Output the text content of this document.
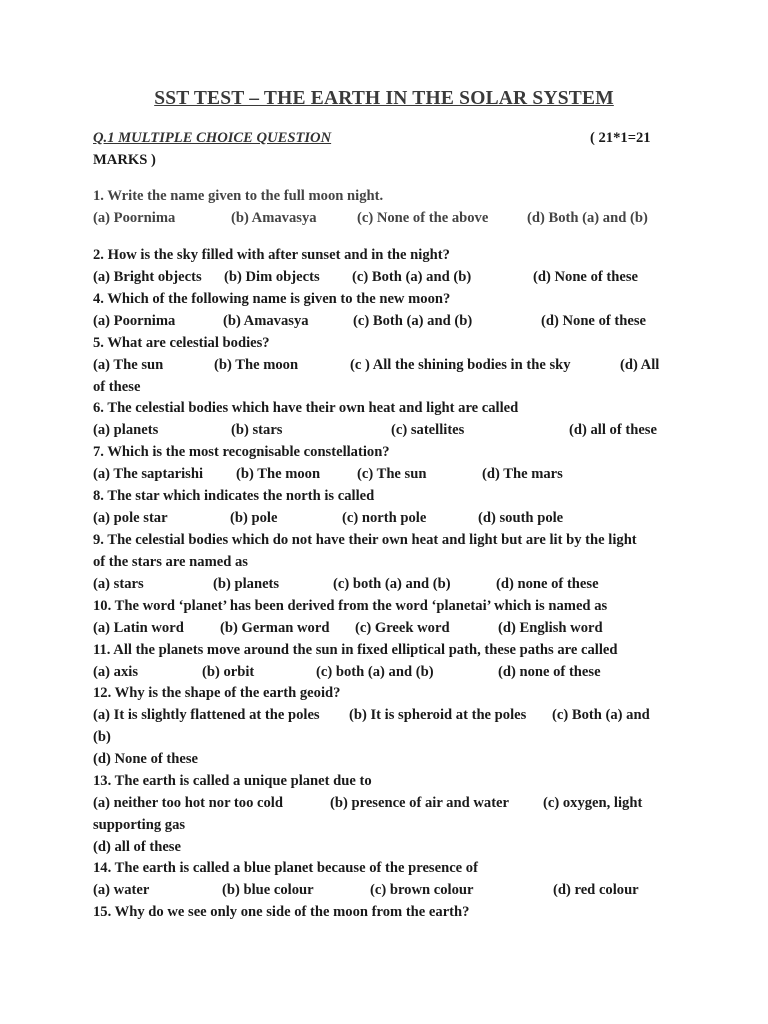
SST TEST – THE EARTH IN THE SOLAR SYSTEM
Q.1 MULTIPLE CHOICE QUESTION	( 21*1=21
MARKS )
1. Write the name given to the full moon night.
(a) Poornima	(b) Amavasya	(c) None of the above	(d) Both (a) and (b)
2. How is the sky filled with after sunset and in the night?
(a) Bright objects (b) Dim objects (c) Both (a) and (b)	(d) None of these
4. Which of the following name is given to the new moon?
(a) Poornima	(b) Amavasya	(c) Both (a) and (b)	(d) None of these
5. What are celestial bodies?
(a) The sun	(b) The moon	(c ) All the shining bodies in the sky	(d) All
of these
6. The celestial bodies which have their own heat and light are called
(a) planets	(b) stars	(c) satellites	(d) all of these
7. Which is the most recognisable constellation?
(a) The saptarishi (b) The moon	(c) The sun	(d) The mars
8. The star which indicates the north is called
(a) pole star	(b) pole	(c) north pole	(d) south pole
9. The celestial bodies which do not have their own heat and light but are lit by the light
of the stars are named as
(a) stars	(b) planets	(c) both (a) and (b)	(d) none of these
10. The word ‘planet’ has been derived from the word ‘planetai’ which is named as
(a) Latin word (b) German word (c) Greek word	(d) English word
11. All the planets move around the sun in fixed elliptical path, these paths are called
(a) axis	(b) orbit	(c) both (a) and (b)	(d) none of these
12. Why is the shape of the earth geoid?
(a) It is slightly flattened at the poles (b) It is spheroid at the poles (c) Both (a) and
(b)
(d) None of these
13. The earth is called a unique planet due to
(a) neither too hot nor too cold	(b) presence of air and water (c) oxygen, light
supporting gas
(d) all of these
14. The earth is called a blue planet because of the presence of
(a) water	(b) blue colour	(c) brown colour	(d) red colour
15. Why do we see only one side of the moon from the earth?
